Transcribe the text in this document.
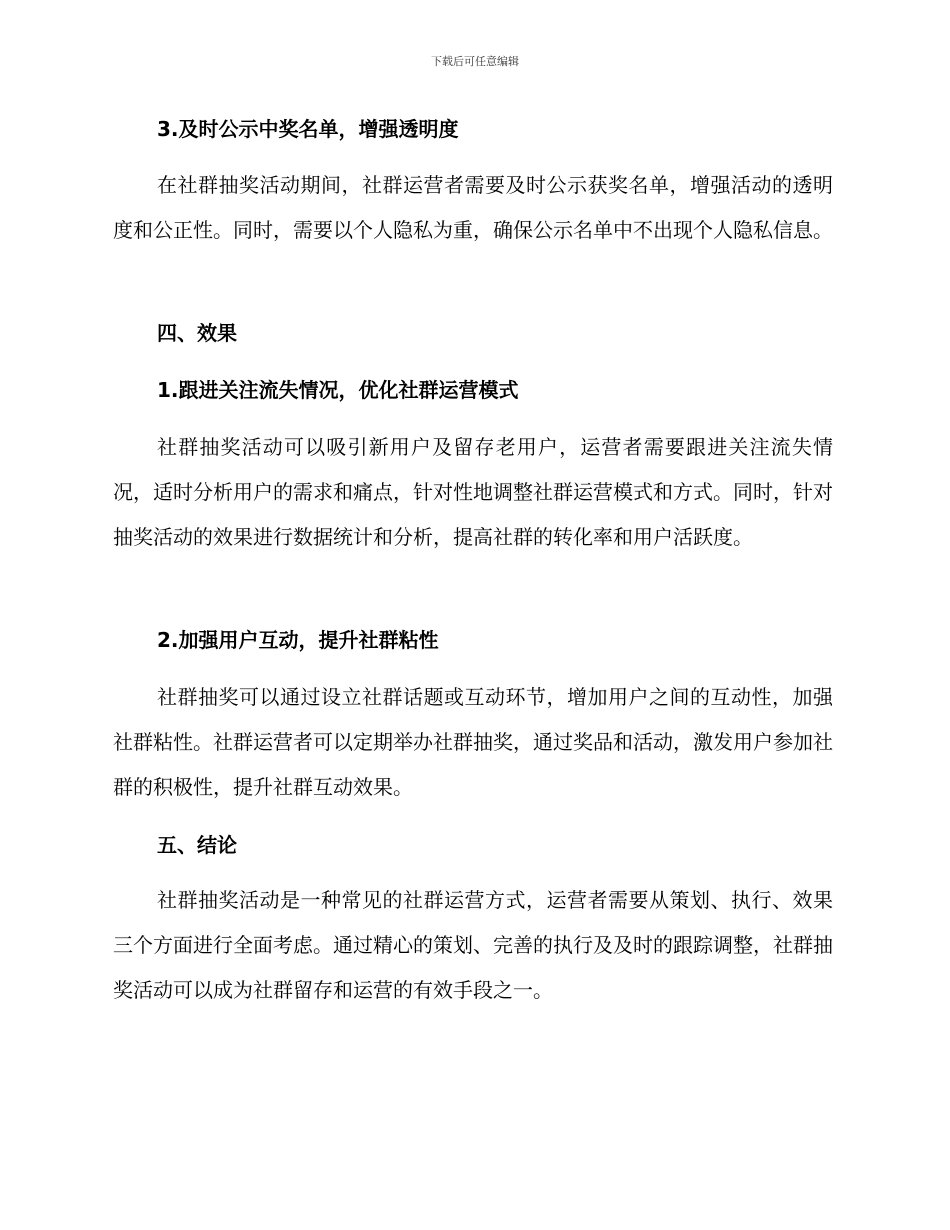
下载后可任意编辑
3.及时公示中奖名单，增强透明度
在社群抽奖活动期间，社群运营者需要及时公示获奖名单，增强活动的透明度和公正性。同时，需要以个人隐私为重，确保公示名单中不出现个人隐私信息。
四、效果
1.跟进关注流失情况，优化社群运营模式
社群抽奖活动可以吸引新用户及留存老用户，运营者需要跟进关注流失情况，适时分析用户的需求和痛点，针对性地调整社群运营模式和方式。同时，针对抽奖活动的效果进行数据统计和分析，提高社群的转化率和用户活跃度。
2.加强用户互动，提升社群粘性
社群抽奖可以通过设立社群话题或互动环节，增加用户之间的互动性，加强社群粘性。社群运营者可以定期举办社群抽奖，通过奖品和活动，激发用户参加社群的积极性，提升社群互动效果。
五、结论
社群抽奖活动是一种常见的社群运营方式，运营者需要从策划、执行、效果三个方面进行全面考虑。通过精心的策划、完善的执行及及时的跟踪调整，社群抽奖活动可以成为社群留存和运营的有效手段之一。
